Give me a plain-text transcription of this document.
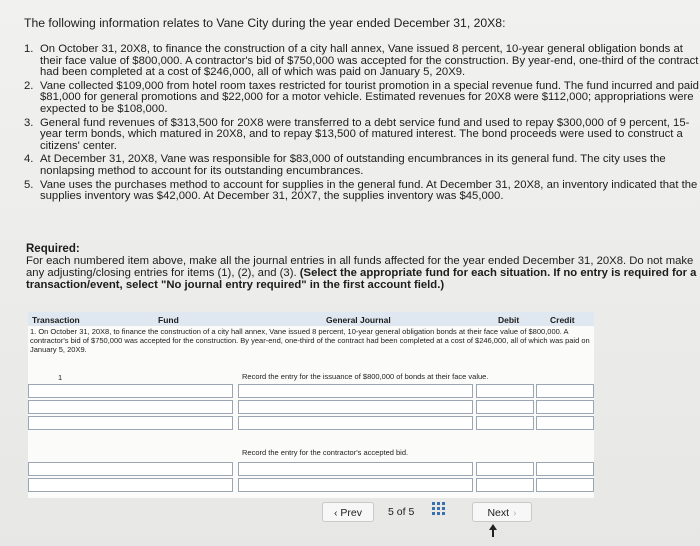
The following information relates to Vane City during the year ended December 31, 20X8:
1. On October 31, 20X8, to finance the construction of a city hall annex, Vane issued 8 percent, 10-year general obligation bonds at their face value of $800,000. A contractor's bid of $750,000 was accepted for the construction. By year-end, one-third of the contract had been completed at a cost of $246,000, all of which was paid on January 5, 20X9.
2. Vane collected $109,000 from hotel room taxes restricted for tourist promotion in a special revenue fund. The fund incurred and paid $81,000 for general promotions and $22,000 for a motor vehicle. Estimated revenues for 20X8 were $112,000; appropriations were expected to be $108,000.
3. General fund revenues of $313,500 for 20X8 were transferred to a debt service fund and used to repay $300,000 of 9 percent, 15-year term bonds, which matured in 20X8, and to repay $13,500 of matured interest. The bond proceeds were used to construct a citizens' center.
4. At December 31, 20X8, Vane was responsible for $83,000 of outstanding encumbrances in its general fund. The city uses the nonlapsing method to account for its outstanding encumbrances.
5. Vane uses the purchases method to account for supplies in the general fund. At December 31, 20X8, an inventory indicated that the supplies inventory was $42,000. At December 31, 20X7, the supplies inventory was $45,000.
Required:
For each numbered item above, make all the journal entries in all funds affected for the year ended December 31, 20X8. Do not make any adjusting/closing entries for items (1), (2), and (3). (Select the appropriate fund for each situation. If no entry is required for a transaction/event, select "No journal entry required" in the first account field.)
Transaction	Fund	General Journal	Debit	Credit
1. On October 31, 20X8, to finance the construction of a city hall annex, Vane issued 8 percent, 10-year general obligation bonds at their face value of $800,000. A contractor's bid of $750,000 was accepted for the construction. By year-end, one-third of the contract had been completed at a cost of $246,000, all of which was paid on January 5, 20X9.
1	Record the entry for the issuance of $800,000 of bonds at their face value.
Record the entry for the contractor's accepted bid.
‹ Prev	5 of 5	Next ›
